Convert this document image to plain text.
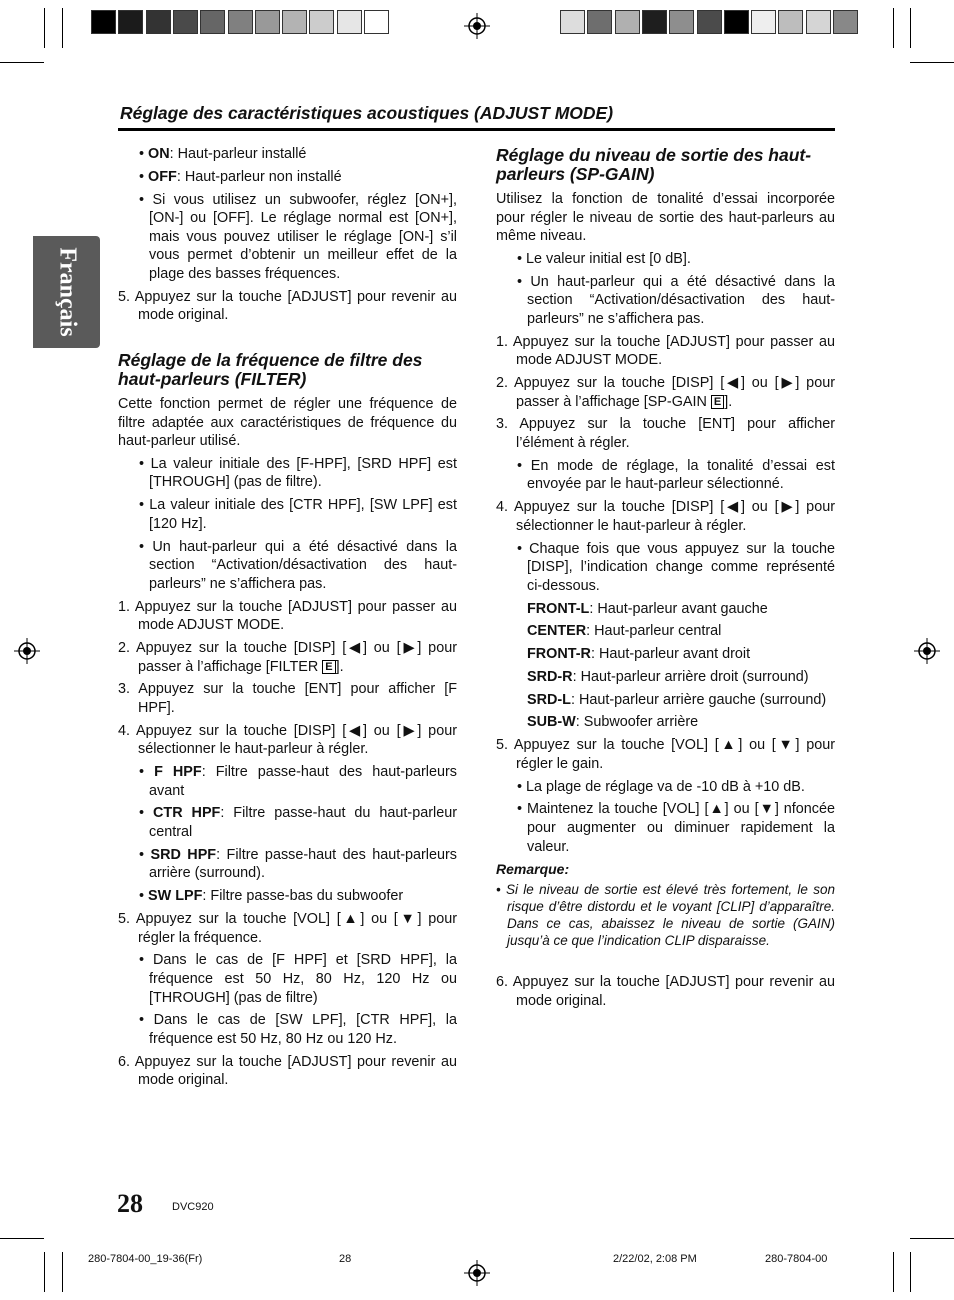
Réglage des caractéristiques acoustiques (ADJUST MODE)
Français

• ON: Haut-parleur installé

• OFF: Haut-parleur non installé

• Si vous utilisez un subwoofer, réglez [ON+], [ON-] ou [OFF]. Le réglage normal est [ON+], mais vous pouvez utiliser le réglage [ON-] s’il vous permet d’obtenir un meilleur effet de la plage des basses fréquences.

5. Appuyez sur la touche [ADJUST] pour revenir au mode original.

Réglage de la fréquence de filtre des haut-parleurs (FILTER)

Cette fonction permet de régler une fréquence de filtre adaptée aux caractéristiques de fréquence du haut-parleur utilisé.

• La valeur initiale des [F-HPF], [SRD HPF] est [THROUGH] (pas de filtre).

• La valeur initiale des [CTR HPF], [SW LPF] est [120 Hz].

• Un haut-parleur qui a été désactivé dans la section “Activation/désactivation des haut-parleurs” ne s’affichera pas.

1. Appuyez sur la touche [ADJUST] pour passer au mode ADJUST MODE.

2. Appuyez sur la touche [DISP] [◀] ou [▶] pour passer à l’affichage [FILTER E ].

3. Appuyez sur la touche [ENT] pour afficher [F HPF].

4. Appuyez sur la touche [DISP] [◀] ou [▶] pour sélectionner le haut-parleur à régler.

• F HPF: Filtre passe-haut des haut-parleurs avant

• CTR HPF: Filtre passe-haut du haut-parleur central

• SRD HPF: Filtre passe-haut des haut-parleurs arrière (surround).

• SW LPF: Filtre passe-bas du subwoofer

5. Appuyez sur la touche [VOL] [▲] ou [▼] pour régler la fréquence.

• Dans le cas de [F HPF] et [SRD HPF], la fréquence est 50 Hz, 80 Hz, 120 Hz ou [THROUGH] (pas de filtre)

• Dans le cas de [SW LPF], [CTR HPF], la fréquence est 50 Hz, 80 Hz ou 120 Hz.

6. Appuyez sur la touche [ADJUST] pour revenir au mode original.

Réglage du niveau de sortie des haut-parleurs (SP-GAIN)

Utilisez la fonction de tonalité d’essai incorporée pour régler le niveau de sortie des haut-parleurs au même niveau.

• Le valeur initial est [0 dB].

• Un haut-parleur qui a été désactivé dans la section “Activation/désactivation des haut-parleurs” ne s’affichera pas.

1. Appuyez sur la touche [ADJUST] pour passer au mode ADJUST MODE.

2. Appuyez sur la touche [DISP] [◀] ou [▶] pour passer à l’affichage [SP-GAIN E ].

3. Appuyez sur la touche [ENT] pour afficher l’élément à régler.

• En mode de réglage, la tonalité d’essai est envoyée par le haut-parleur sélectionné.

4. Appuyez sur la touche [DISP] [◀] ou [▶] pour sélectionner le haut-parleur à régler.

• Chaque fois que vous appuyez sur la touche [DISP], l’indication change comme représenté ci-dessous.

FRONT-L: Haut-parleur avant gauche

CENTER: Haut-parleur central

FRONT-R: Haut-parleur avant droit

SRD-R: Haut-parleur arrière droit (surround)

SRD-L: Haut-parleur arrière gauche (surround)

SUB-W: Subwoofer arrière

5. Appuyez sur la touche [VOL] [▲] ou [▼] pour régler le gain.

• La plage de réglage va de -10 dB à +10 dB.

• Maintenez la touche [VOL] [▲] ou [▼] nfoncée pour augmenter ou diminuer rapidement la valeur.

Remarque:

• Si le niveau de sortie est élevé très fortement, le son risque d’être distordu et le voyant [CLIP] d’apparaître. Dans ce cas, abaissez le niveau de sortie (GAIN) jusqu’à ce que l’indication CLIP disparaisse.

6. Appuyez sur la touche [ADJUST] pour revenir au mode original.

28	DVC920
280-7804-00_19-36(Fr)	28	2/22/02, 2:08 PM	280-7804-00
